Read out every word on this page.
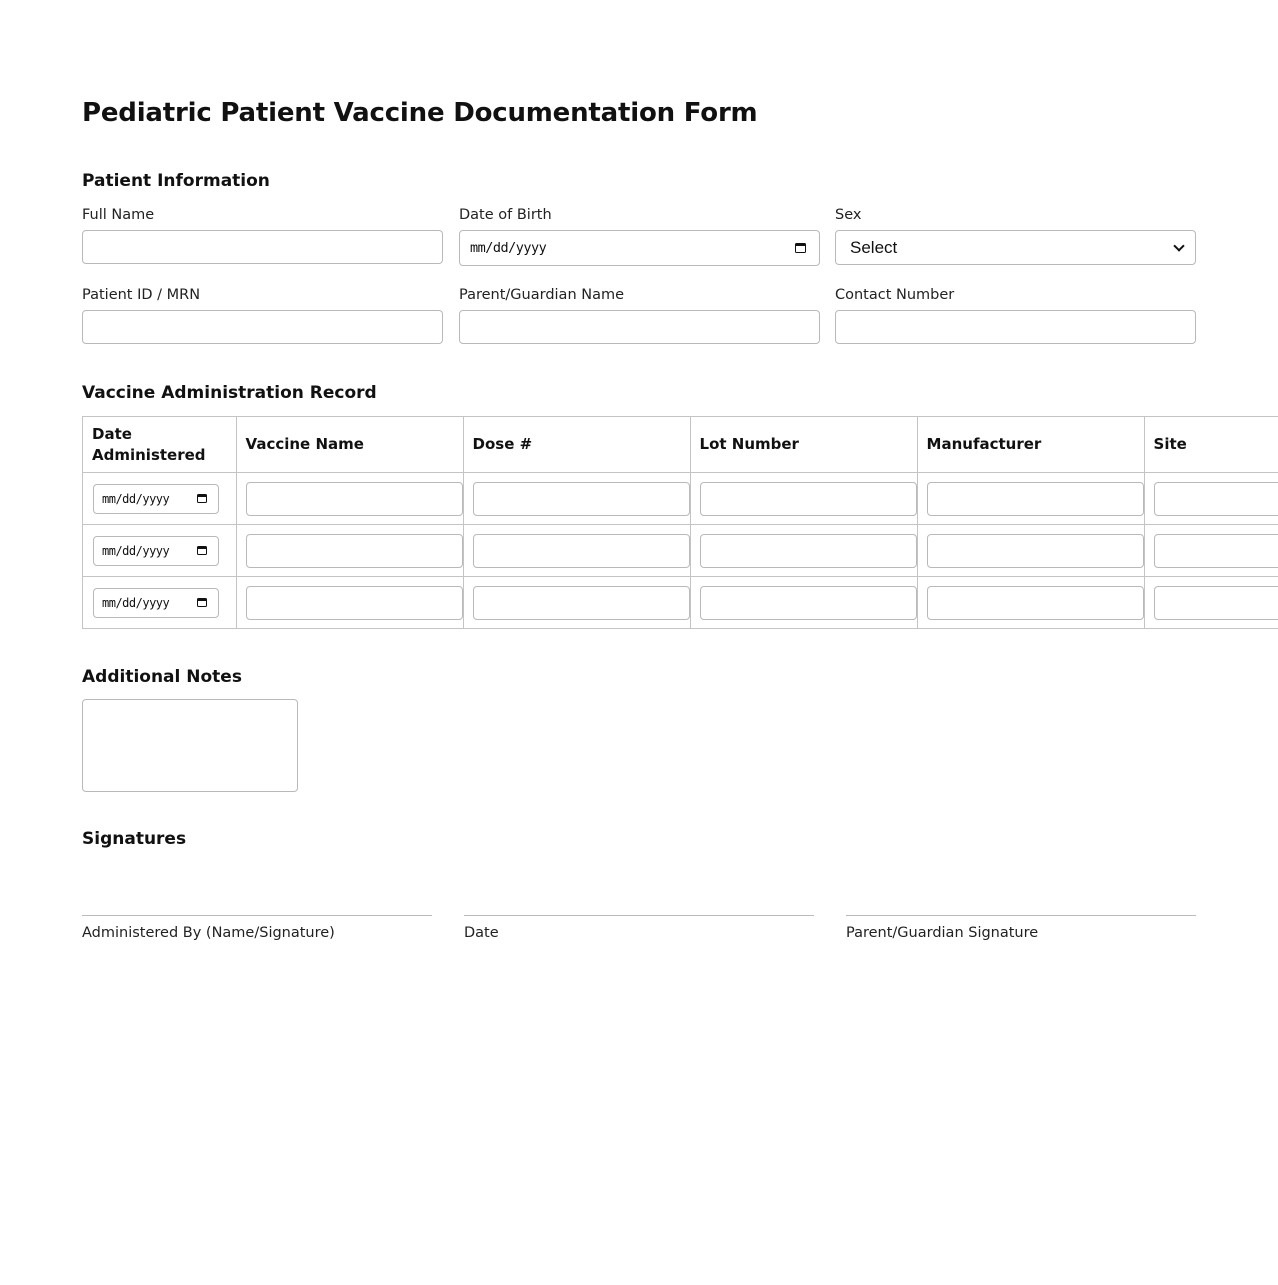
Pediatric Patient Vaccine Documentation Form
Patient Information
Full Name	Date of Birth
mm/dd/yyyy
Sex
Select
Patient ID / MRN	Parent/Guardian Name	Contact Number
Vaccine Administration Record
Date Administered	Vaccine Name	Dose #	Lot Number	Manufacturer	Site

mm/dd/yyyy					

mm/dd/yyyy					

mm/dd/yyyy					

Additional Notes
Signatures
Administered By (Name/Signature)	Date	Parent/Guardian Signature
